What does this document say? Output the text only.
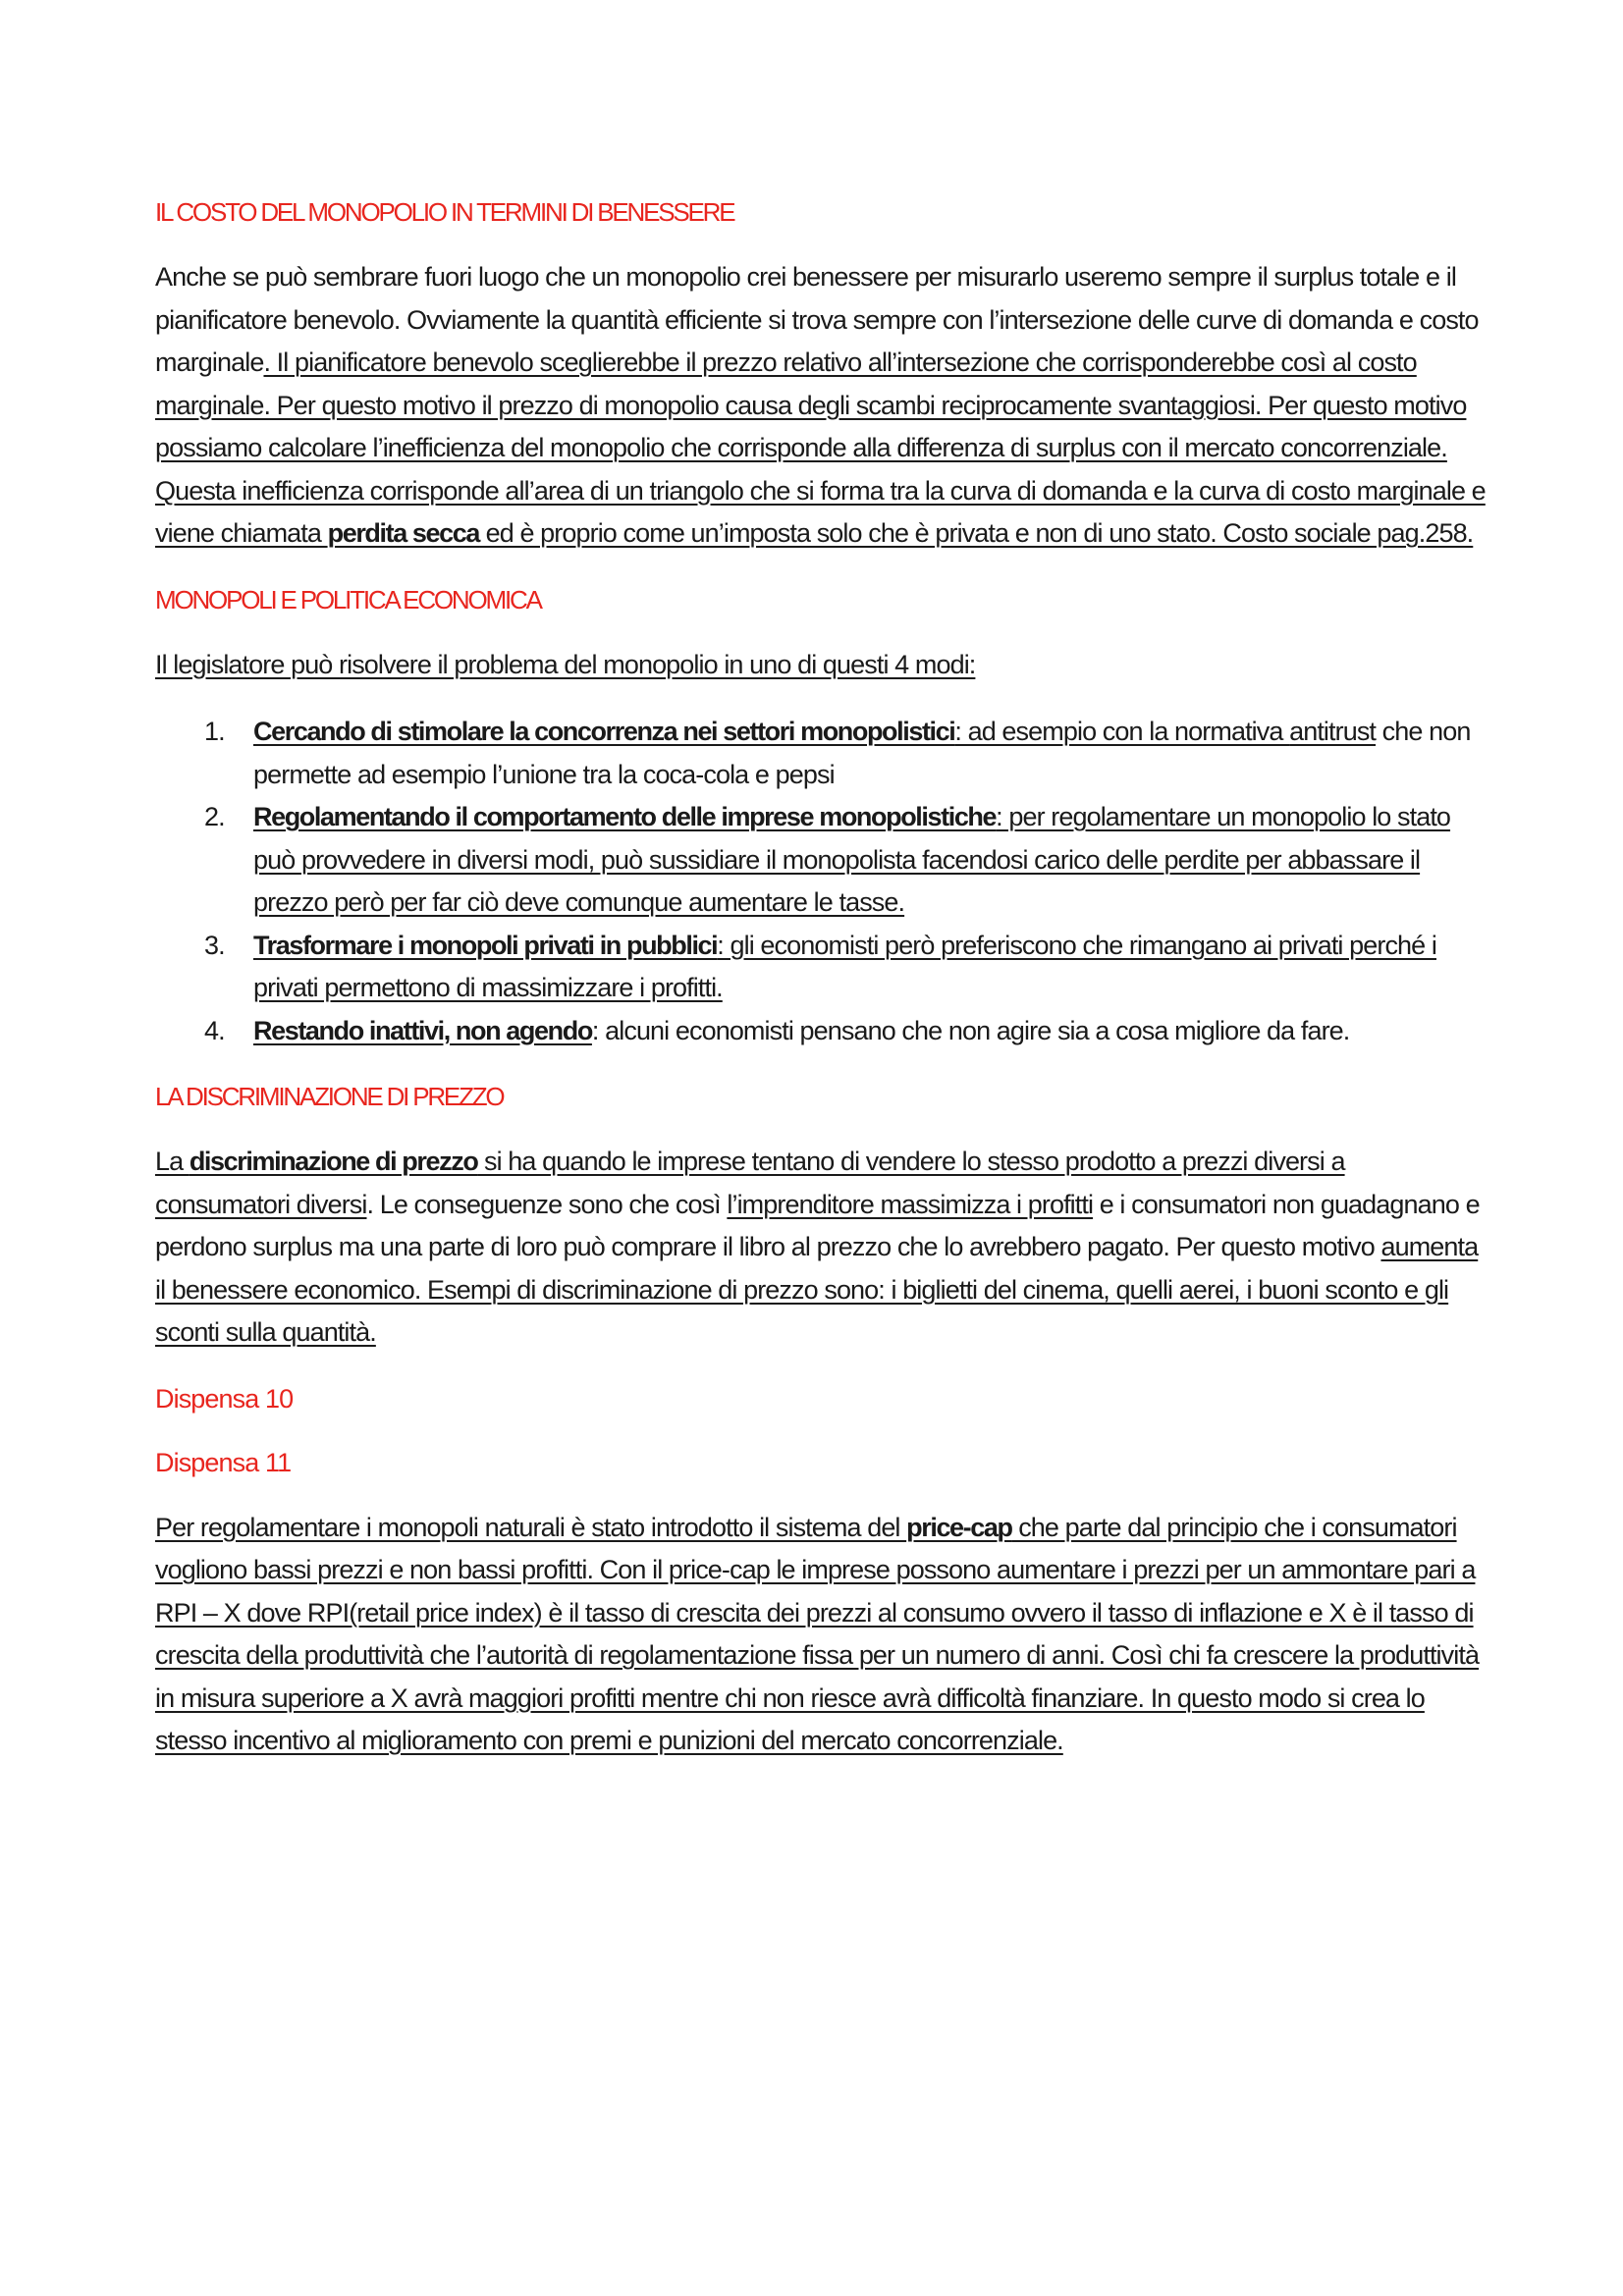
IL COSTO DEL MONOPOLIO IN TERMINI DI BENESSERE

Anche se può sembrare fuori luogo che un monopolio crei benessere per misurarlo useremo sempre il surplus totale e il pianificatore benevolo. Ovviamente la quantità efficiente si trova sempre con l’intersezione delle curve di domanda e costo marginale. Il pianificatore benevolo sceglierebbe il prezzo relativo all’intersezione che corrisponderebbe così al costo marginale. Per questo motivo il prezzo di monopolio causa degli scambi reciprocamente svantaggiosi. Per questo motivo possiamo calcolare l’inefficienza del monopolio che corrisponde alla differenza di surplus con il mercato concorrenziale. Questa inefficienza corrisponde all’area di un triangolo che si forma tra la curva di domanda e la curva di costo marginale e viene chiamata perdita secca ed è proprio come un’imposta solo che è privata e non di uno stato. Costo sociale pag.258.

MONOPOLI E POLITICA ECONOMICA

Il legislatore può risolvere il problema del monopolio in uno di questi 4 modi:

1. Cercando di stimolare la concorrenza nei settori monopolistici: ad esempio con la normativa antitrust che non permette ad esempio l’unione tra la coca-cola e pepsi
2. Regolamentando il comportamento delle imprese monopolistiche: per regolamentare un monopolio lo stato può provvedere in diversi modi, può sussidiare il monopolista facendosi carico delle perdite per abbassare il prezzo però per far ciò deve comunque aumentare le tasse.
3. Trasformare i monopoli privati in pubblici: gli economisti però preferiscono che rimangano ai privati perché i privati permettono di massimizzare i profitti.
4. Restando inattivi, non agendo: alcuni economisti pensano che non agire sia a cosa migliore da fare.
LA DISCRIMINAZIONE DI PREZZO

La discriminazione di prezzo si ha quando le imprese tentano di vendere lo stesso prodotto a prezzi diversi a consumatori diversi. Le conseguenze sono che così l’imprenditore massimizza i profitti e i consumatori non guadagnano e perdono surplus ma una parte di loro può comprare il libro al prezzo che lo avrebbero pagato. Per questo motivo aumenta il benessere economico. Esempi di discriminazione di prezzo sono: i biglietti del cinema, quelli aerei, i buoni sconto e gli sconti sulla quantità.

Dispensa 10
Dispensa 11

Per regolamentare i monopoli naturali è stato introdotto il sistema del price-cap che parte dal principio che i consumatori vogliono bassi prezzi e non bassi profitti. Con il price-cap le imprese possono aumentare i prezzi per un ammontare pari a RPI – X dove RPI(retail price index) è il tasso di crescita dei prezzi al consumo ovvero il tasso di inflazione e X è il tasso di crescita della produttività che l’autorità di regolamentazione fissa per un numero di anni. Così chi fa crescere la produttività in misura superiore a X avrà maggiori profitti mentre chi non riesce avrà difficoltà finanziare. In questo modo si crea lo stesso incentivo al miglioramento con premi e punizioni del mercato concorrenziale.
